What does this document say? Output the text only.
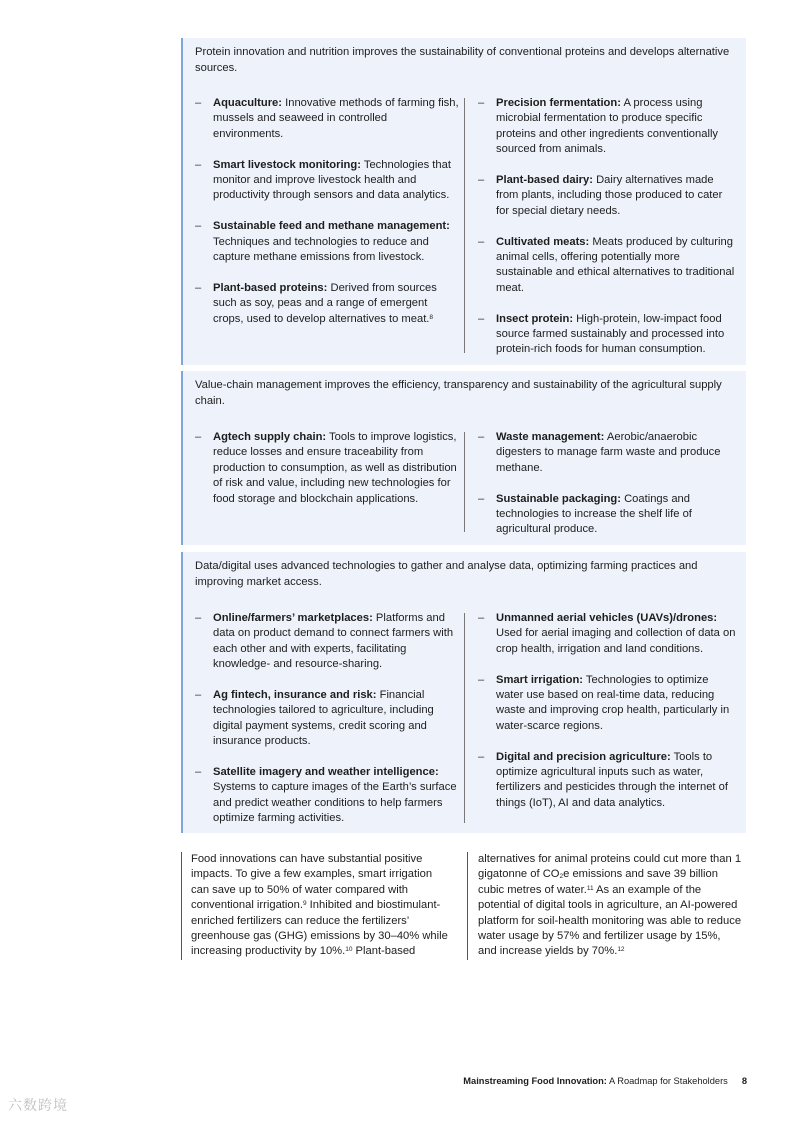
Protein innovation and nutrition improves the sustainability of conventional proteins and develops alternative sources.

– Aquaculture: Innovative methods of farming fish, mussels and seaweed in controlled environments.
– Smart livestock monitoring: Technologies that monitor and improve livestock health and productivity through sensors and data analytics.
– Sustainable feed and methane management: Techniques and technologies to reduce and capture methane emissions from livestock.
– Plant-based proteins: Derived from sources such as soy, peas and a range of emergent crops, used to develop alternatives to meat.$^8$
– Precision fermentation: A process using microbial fermentation to produce specific proteins and other ingredients conventionally sourced from animals.
– Plant-based dairy: Dairy alternatives made from plants, including those produced to cater for special dietary needs.
– Cultivated meats: Meats produced by culturing animal cells, offering potentially more sustainable and ethical alternatives to traditional meat.
– Insect protein: High-protein, low-impact food source farmed sustainably and processed into protein-rich foods for human consumption.

Value-chain management improves the efficiency, transparency and sustainability of the agricultural supply chain.

– Agtech supply chain: Tools to improve logistics, reduce losses and ensure traceability from production to consumption, as well as distribution of risk and value, including new technologies for food storage and blockchain applications.
– Waste management: Aerobic/anaerobic digesters to manage farm waste and produce methane.
– Sustainable packaging: Coatings and technologies to increase the shelf life of agricultural produce.

Data/digital uses advanced technologies to gather and analyse data, optimizing farming practices and improving market access.

– Online/farmers’ marketplaces: Platforms and data on product demand to connect farmers with each other and with experts, facilitating knowledge- and resource-sharing.
– Ag fintech, insurance and risk: Financial technologies tailored to agriculture, including digital payment systems, credit scoring and insurance products.
– Satellite imagery and weather intelligence: Systems to capture images of the Earth’s surface and predict weather conditions to help farmers optimize farming activities.
– Unmanned aerial vehicles (UAVs)/drones: Used for aerial imaging and collection of data on crop health, irrigation and land conditions.
– Smart irrigation: Technologies to optimize water use based on real-time data, reducing waste and improving crop health, particularly in water-scarce regions.
– Digital and precision agriculture: Tools to optimize agricultural inputs such as water, fertilizers and pesticides through the internet of things (IoT), AI and data analytics.
Food innovations can have substantial positive impacts. To give a few examples, smart irrigation can save up to 50% of water compared with conventional irrigation.$^9$ Inhibited and biostimulant-enriched fertilizers can reduce the fertilizers’ greenhouse gas (GHG) emissions by 30–40% while increasing productivity by 10%.$^{10}$ Plant-based
alternatives for animal proteins could cut more than 1 gigatonne of $CO_2e$ emissions and save 39 billion cubic metres of water.$^{11}$ As an example of the potential of digital tools in agriculture, an AI-powered platform for soil-health monitoring was able to reduce water usage by 57% and fertilizer usage by 15%, and increase yields by 70%.$^{12}$
Mainstreaming Food Innovation: A Roadmap for Stakeholders 8
六数跨境
